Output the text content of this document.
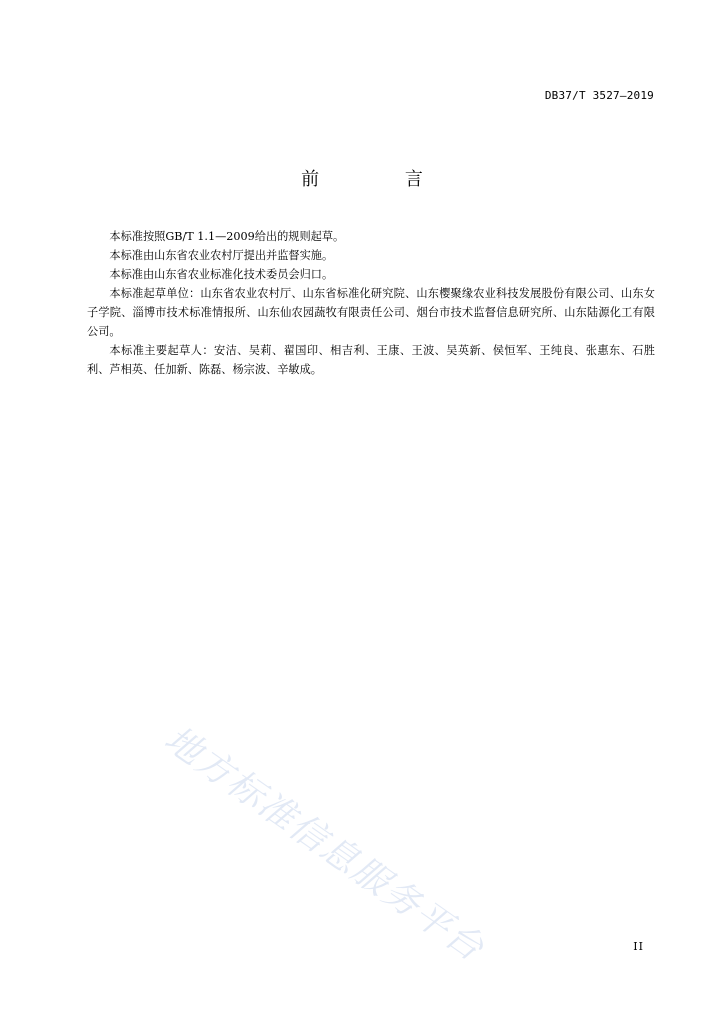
DB37/T 3527—2019
前 言

本标准按照GB/T 1.1—2009给出的规则起草。

本标准由山东省农业农村厅提出并监督实施。

本标准由山东省农业标准化技术委员会归口。

本标准起草单位：山东省农业农村厅、山东省标准化研究院、山东樱聚缘农业科技发展股份有限公司、山东女子学院、淄博市技术标准情报所、山东仙农园蔬牧有限责任公司、烟台市技术监督信息研究所、山东陆源化工有限公司。

本标准主要起草人：安洁、吴莉、翟国印、相吉利、王康、王波、吴英新、侯恒军、王纯良、张惠东、石胜利、芦相英、任加新、陈磊、杨宗波、辛敏成。

地方标准信息服务平台	II
